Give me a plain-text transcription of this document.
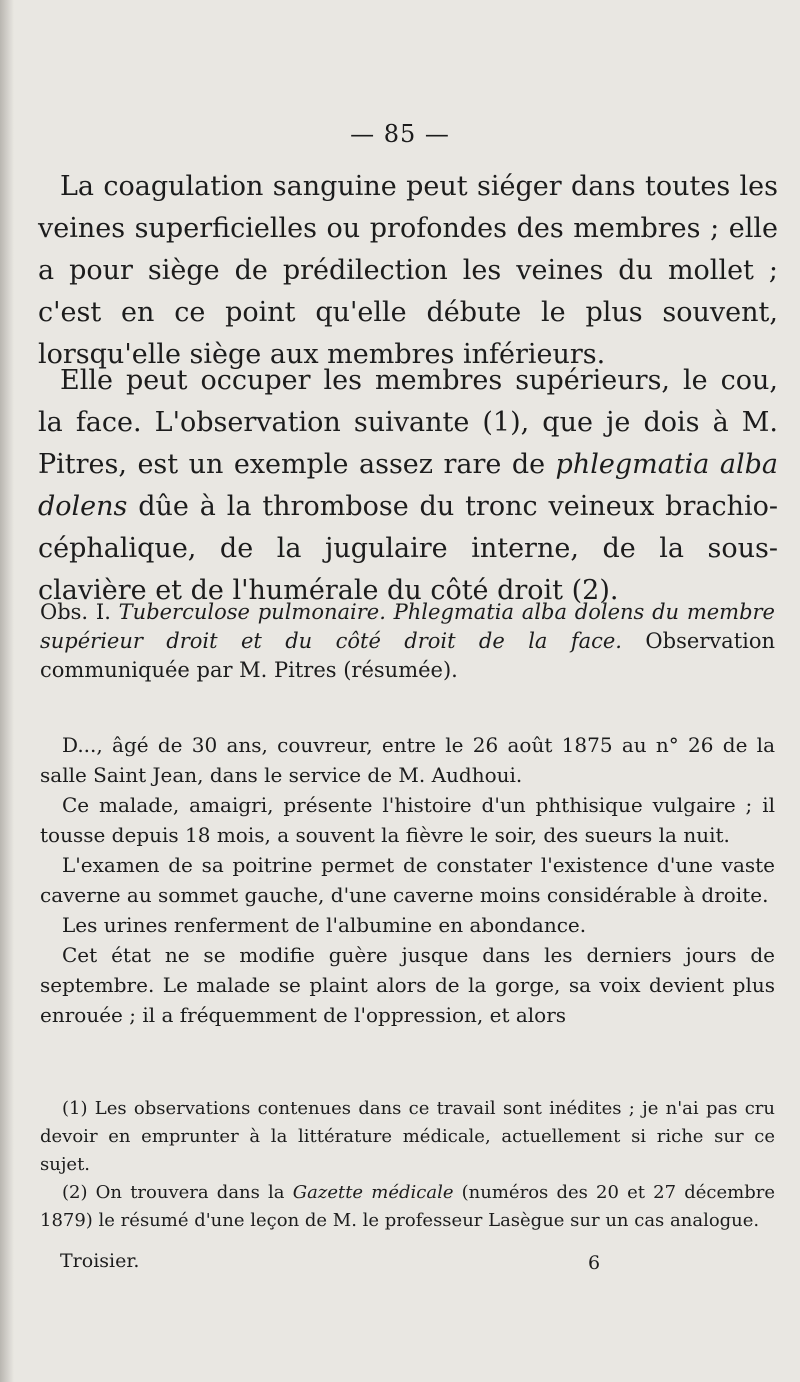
— 85 —

La coagulation sanguine peut siéger dans toutes les veines superficielles ou profondes des membres ; elle a pour siège de prédilection les veines du mollet ; c'est en ce point qu'elle débute le plus souvent, lorsqu'elle siège aux membres inférieurs.

Elle peut occuper les membres supérieurs, le cou, la face. L'observation suivante (1), que je dois à M. Pitres, est un exemple assez rare de phlegmatia alba dolens dûe à la thrombose du tronc veineux brachio-céphalique, de la jugulaire interne, de la sous-clavière et de l'humérale du côté droit (2).

Obs. I. Tuberculose pulmonaire. Phlegmatia alba dolens du membre supérieur droit et du côté droit de la face. Observation communiquée par M. Pitres (résumée).

D..., âgé de 30 ans, couvreur, entre le 26 août 1875 au n° 26 de la salle Saint Jean, dans le service de M. Audhoui.

Ce malade, amaigri, présente l'histoire d'un phthisique vulgaire ; il tousse depuis 18 mois, a souvent la fièvre le soir, des sueurs la nuit.

L'examen de sa poitrine permet de constater l'existence d'une vaste caverne au sommet gauche, d'une caverne moins considérable à droite.

Les urines renferment de l'albumine en abondance.

Cet état ne se modifie guère jusque dans les derniers jours de septembre. Le malade se plaint alors de la gorge, sa voix devient plus enrouée ; il a fréquemment de l'oppression, et alors

(1) Les observations contenues dans ce travail sont inédites ; je n'ai pas cru devoir en emprunter à la littérature médicale, actuellement si riche sur ce sujet.

(2) On trouvera dans la Gazette médicale (numéros des 20 et 27 décembre 1879) le résumé d'une leçon de M. le professeur Lasègue sur un cas analogue.

Troisier.	6
